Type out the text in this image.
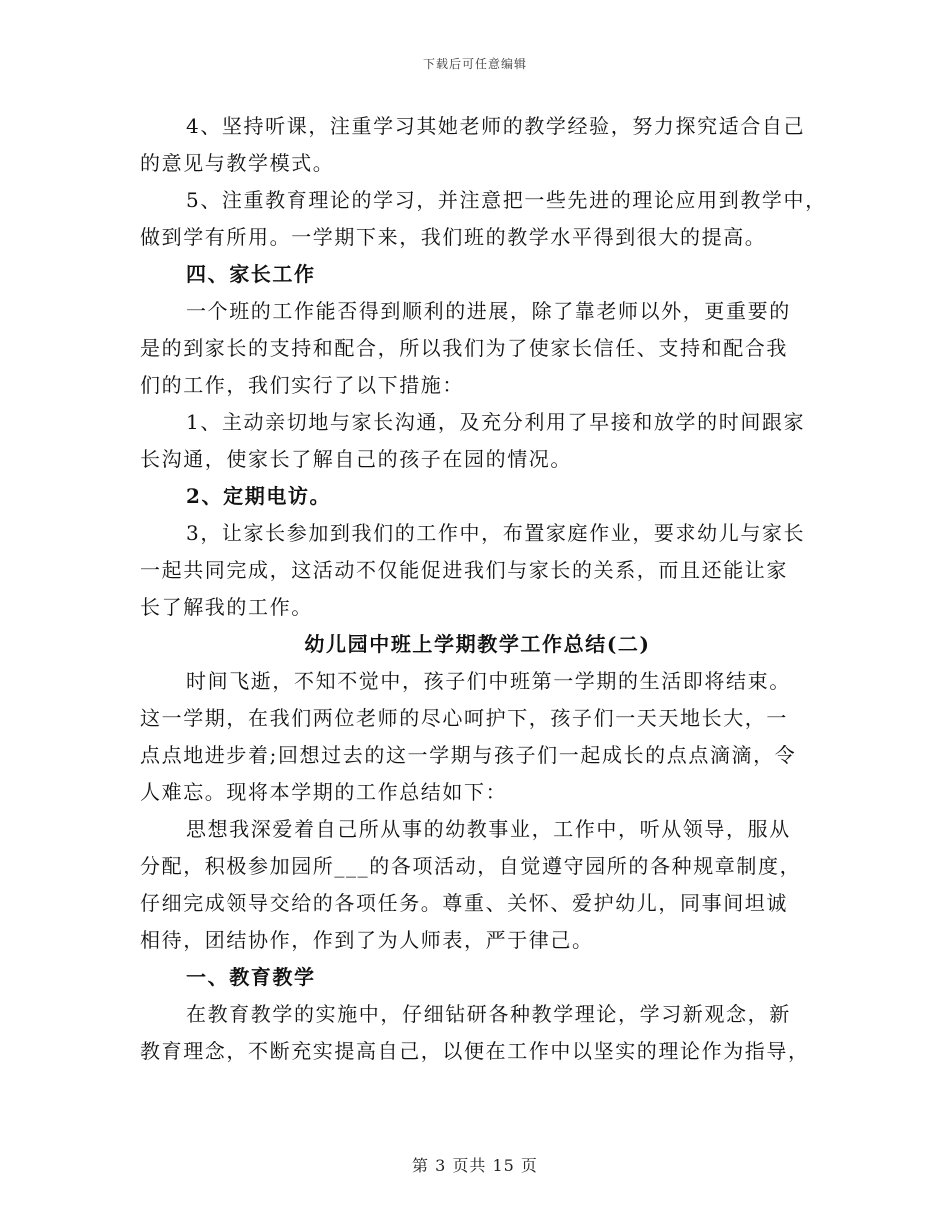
下载后可任意编辑
4、坚持听课，注重学习其她老师的教学经验，努力探究适合自己
的意见与教学模式。
5、注重教育理论的学习，并注意把一些先进的理论应用到教学中，
做到学有所用。一学期下来，我们班的教学水平得到很大的提高。
四、家长工作
一个班的工作能否得到顺利的进展，除了靠老师以外，更重要的
是的到家长的支持和配合，所以我们为了使家长信任、支持和配合我
们的工作，我们实行了以下措施：
1、主动亲切地与家长沟通，及充分利用了早接和放学的时间跟家
长沟通，使家长了解自己的孩子在园的情况。
2、定期电访。
3，让家长参加到我们的工作中，布置家庭作业，要求幼儿与家长
一起共同完成，这活动不仅能促进我们与家长的关系，而且还能让家
长了解我的工作。
幼儿园中班上学期教学工作总结(二)
时间飞逝，不知不觉中，孩子们中班第一学期的生活即将结束。
这一学期，在我们两位老师的尽心呵护下，孩子们一天天地长大，一
点点地进步着;回想过去的这一学期与孩子们一起成长的点点滴滴，令
人难忘。现将本学期的工作总结如下：
思想我深爱着自己所从事的幼教事业，工作中，听从领导，服从
分配，积极参加园所___的各项活动，自觉遵守园所的各种规章制度，
仔细完成领导交给的各项任务。尊重、关怀、爱护幼儿，同事间坦诚
相待，团结协作，作到了为人师表，严于律己。
一、教育教学
在教育教学的实施中，仔细钻研各种教学理论，学习新观念，新
教育理念，不断充实提高自己，以便在工作中以坚实的理论作为指导，
第 3 页共 15 页
